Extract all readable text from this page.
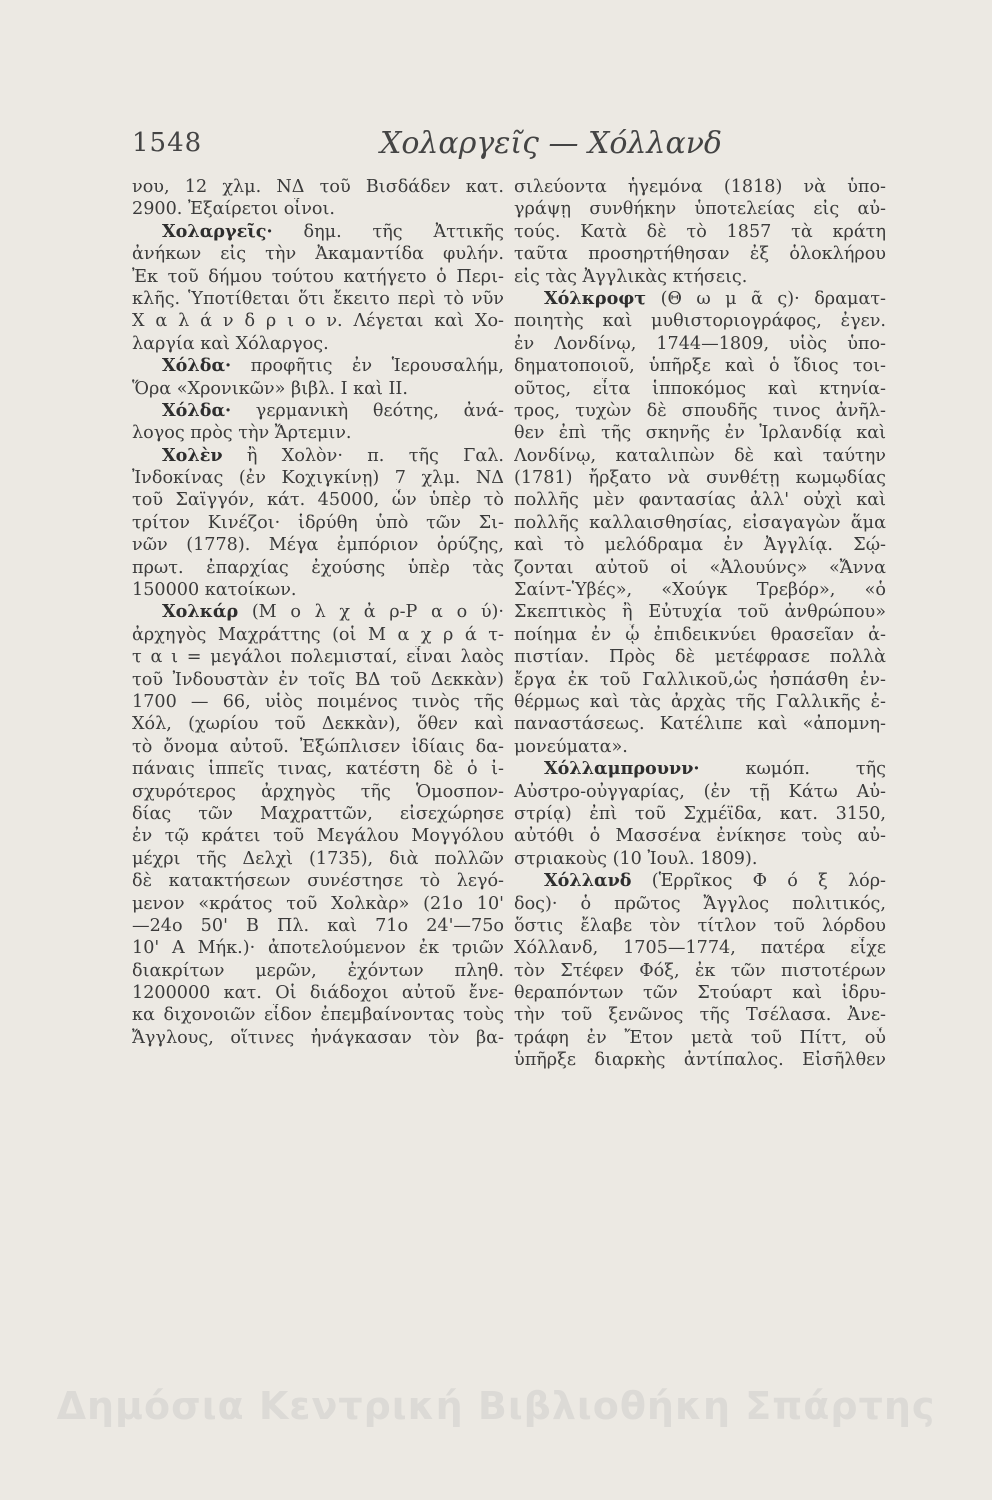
1548	Χολαργεῖς — Χόλλανδ
νου, 12 χλμ. ΝΔ τοῦ Βισδάδεν κατ.
2900. Ἐξαίρετοι οἶνοι.
Χολαργεῖς· δημ. τῆς Ἀττικῆς
ἀνήκων εἰς τὴν Ἀκαμαντίδα φυλήν.
Ἐκ τοῦ δήμου τούτου κατήγετο ὁ Περι-
κλῆς. Ὑποτίθεται ὅτι ἔκειτο περὶ τὸ νῦν
Χ α λ ά ν δ ρ ι ο ν. Λέγεται καὶ Χο-
λαργία καὶ Χόλαργος.
Χόλδα· προφῆτις ἐν Ἱερουσαλήμ,
Ὅρα «Χρονικῶν» βιβλ. Ι καὶ ΙΙ.
Χόλδα· γερμανικὴ θεότης, ἀνά-
λογος πρὸς τὴν Ἄρτεμιν.
Χολὲν ἢ Χολὸν· π. τῆς Γαλ.
Ἰνδοκίνας (ἐν Κοχιγκίνῃ) 7 χλμ. ΝΔ
τοῦ Σαϊγγόν, κάτ. 45000, ὧν ὑπὲρ τὸ
τρίτον Κινέζοι· ἱδρύθη ὑπὸ τῶν Σι-
νῶν (1778). Μέγα ἐμπόριον ὀρύζης,
πρωτ. ἐπαρχίας ἐχούσης ὑπὲρ τὰς
150000 κατοίκων.
Χολκάρ (Μ ο λ χ ἀ ρ-Ρ α ο ύ)·
ἀρχηγὸς Μαχράττης (οἱ Μ α χ ρ ά τ-
τ α ι = μεγάλοι πολεμισταί, εἶναι λαὸς
τοῦ Ἰνδουστὰν ἐν τοῖς ΒΔ τοῦ Δεκκὰν)
1700 — 66, υἱὸς ποιμένος τινὸς τῆς
Χόλ, (χωρίου τοῦ Δεκκὰν), ὅθεν καὶ
τὸ ὄνομα αὐτοῦ. Ἐξώπλισεν ἰδίαις δα-
πάναις ἱππεῖς τινας, κατέστη δὲ ὁ ἰ-
σχυρότερος ἀρχηγὸς τῆς Ὁμοσπον-
δίας τῶν Μαχραττῶν, εἰσεχώρησε
ἐν τῷ κράτει τοῦ Μεγάλου Μογγόλου
μέχρι τῆς Δελχὶ (1735), διὰ πολλῶν
δὲ κατακτήσεων συνέστησε τὸ λεγό-
μενον «κράτος τοῦ Χολκὰρ» (21ο 10'
—24ο 50' Β Πλ. καὶ 71ο 24'—75ο
10' Α Μήκ.)· ἀποτελούμενον ἐκ τριῶν
διακρίτων μερῶν, ἐχόντων πληθ.
1200000 κατ. Οἱ διάδοχοι αὐτοῦ ἔνε-
κα διχονοιῶν εἶδον ἐπεμβαίνοντας τοὺς
Ἄγγλους, οἵτινες ἠνάγκασαν τὸν βα-
σιλεύοντα ἡγεμόνα (1818) νὰ ὑπο-
γράψῃ συνθήκην ὑποτελείας εἰς αὐ-
τούς. Κατὰ δὲ τὸ 1857 τὰ κράτη
ταῦτα προσηρτήθησαν ἐξ ὁλοκλήρου
εἰς τὰς Ἀγγλικὰς κτήσεις.
Χόλκροφτ (Θ ω μ ᾶ ς)· δραματ-
ποιητὴς καὶ μυθιστοριογράφος, ἐγεν.
ἐν Λονδίνῳ, 1744—1809, υἱὸς ὑπο-
δηματοποιοῦ, ὑπῆρξε καὶ ὁ ἴδιος τοι-
οῦτος, εἶτα ἱπποκόμος καὶ κτηνία-
τρος, τυχὼν δὲ σπουδῆς τινος ἀνῆλ-
θεν ἐπὶ τῆς σκηνῆς ἐν Ἰρλανδίᾳ καὶ
Λονδίνῳ, καταλιπὼν δὲ καὶ ταύτην
(1781) ἤρξατο νὰ συνθέτῃ κωμῳδίας
πολλῆς μὲν φαντασίας ἀλλ' οὐχὶ καὶ
πολλῆς καλλαισθησίας, εἰσαγαγὼν ἅμα
καὶ τὸ μελόδραμα ἐν Ἀγγλίᾳ. Σῴ-
ζονται αὐτοῦ οἱ «Ἀλουύνς» «Ἄννα
Σαίντ-Ὑβές», «Χούγκ Τρεβόρ», «ὁ
Σκεπτικὸς ἢ Εὐτυχία τοῦ ἀνθρώπου»
ποίημα ἐν ᾧ ἐπιδεικνύει θρασεῖαν ἀ-
πιστίαν. Πρὸς δὲ μετέφρασε πολλὰ
ἔργα ἐκ τοῦ Γαλλικοῦ,ὡς ἠσπάσθη ἐν-
θέρμως καὶ τὰς ἀρχὰς τῆς Γαλλικῆς ἐ-
παναστάσεως. Κατέλιπε καὶ «ἀπομνη-
μονεύματα».
Χόλλαμπρουνν· κωμόπ. τῆς
Αὐστρο-οὐγγαρίας, (ἐν τῇ Κάτω Αὐ-
στρίᾳ) ἐπὶ τοῦ Σχμέϊδα, κατ. 3150,
αὐτόθι ὁ Μασσένα ἐνίκησε τοὺς αὐ-
στριακοὺς (10 Ἰουλ. 1809).
Χόλλανδ (Ἑρρῖκος Φ ό ξ λόρ-
δος)· ὁ πρῶτος Ἄγγλος πολιτικός,
ὅστις ἔλαβε τὸν τίτλον τοῦ λόρδου
Χόλλανδ, 1705—1774, πατέρα εἶχε
τὸν Στέφεν Φόξ, ἐκ τῶν πιστοτέρων
θεραπόντων τῶν Στούαρτ καὶ ἱδρυ-
τὴν τοῦ ξενῶνος τῆς Τσέλασα. Ἀνε-
τράφη ἐν Ἔτον μετὰ τοῦ Πίττ, οὗ
ὑπῆρξε διαρκὴς ἀντίπαλος. Εἰσῆλθεν
Δημόσια Κεντρική Βιβλιοθήκη Σπάρτης
